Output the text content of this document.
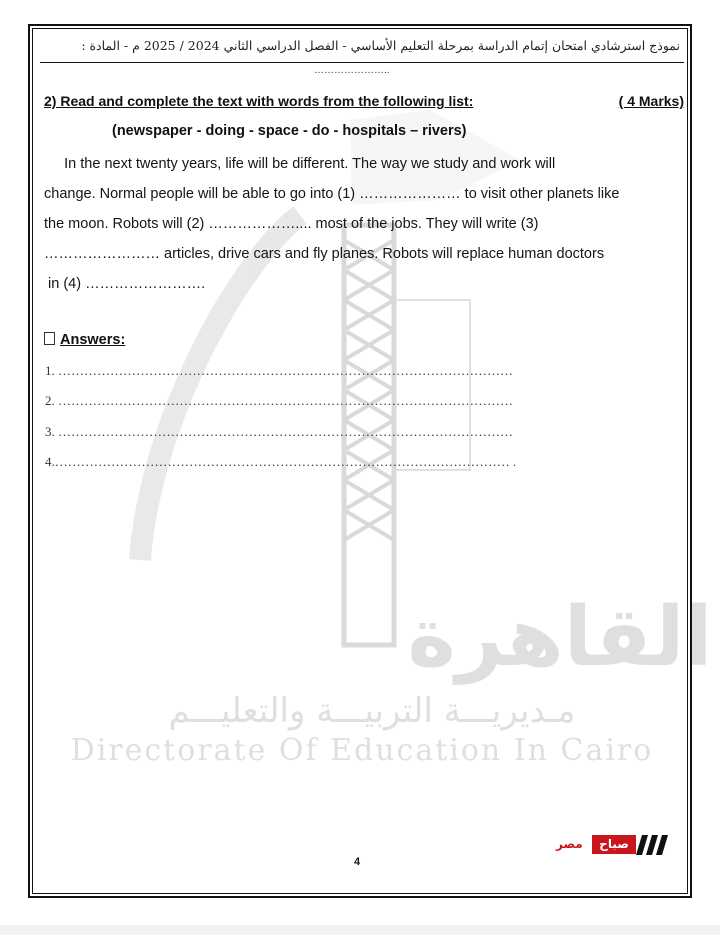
القاهرة
مـديريـــة التربيـــة والتعليـــم
Directorate Of Education In Cairo
نموذج استرشادي امتحان إتمام الدراسة بمرحلة التعليم الأساسي - الفصل الدراسي الثاني 2024 / 2025 م - المادة :
…………………..
2) Read and complete the text with words from the following list:	( 4 Marks)
(newspaper - doing - space - do - hospitals – rivers)
In the next twenty years, life will be different. The way we study and work will
change. Normal people will be able to go into (1) ………………… to visit other planets like
the moon. Robots will (2) ……………….... most of the jobs. They will write (3)
…………………… articles, drive cars and fly planes. Robots will replace human doctors
in (4) …………………….
Answers:
1. ……………………………………………………………………………………………
2. ……………………………………………………………………………………………
3. ……………………………………………………………………………………………
4.…………………………………………………………………………………………… .
4
صباح
مصر
